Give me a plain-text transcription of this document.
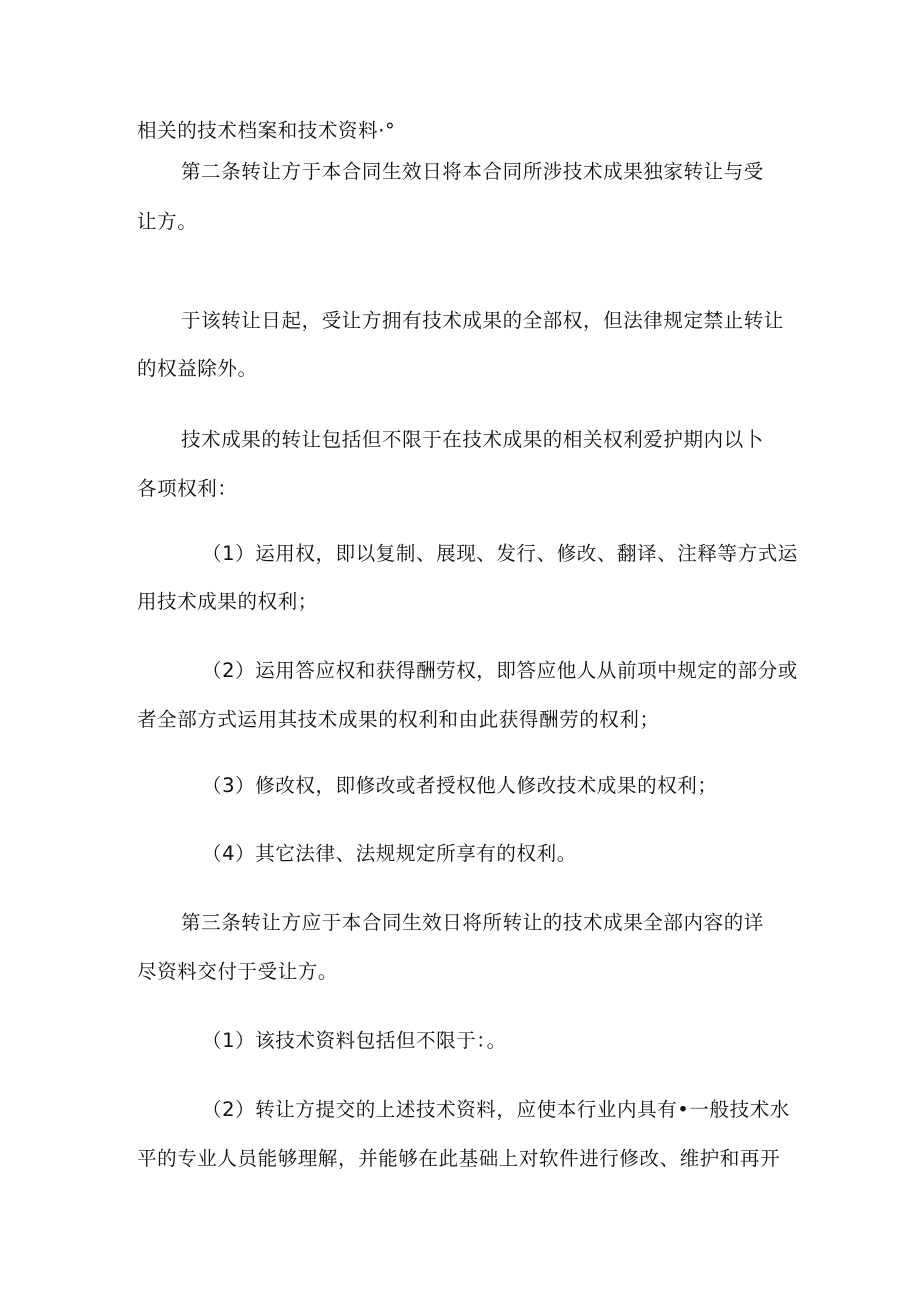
相关的技术档案和技术资料·°

第二条转让方于本合同生效日将本合同所涉技术成果独家转让与受

让方。

于该转让日起，受让方拥有技术成果的全部权，但法律规定禁止转让

的权益除外。

技术成果的转让包括但不限于在技术成果的相关权利爱护期内以卜

各项权利：

（1）运用权，即以复制、展现、发行、修改、翻译、注释等方式运

用技术成果的权利；

（2）运用答应权和获得酬劳权，即答应他人从前项中规定的部分或

者全部方式运用其技术成果的权利和由此获得酬劳的权利；

（3）修改权，即修改或者授权他人修改技术成果的权利；

（4）其它法律、法规规定所享有的权利。

第三条转让方应于本合同生效日将所转让的技术成果全部内容的详

尽资料交付于受让方。

（1）该技术资料包括但不限于：。

（2）转让方提交的上述技术资料，应使本行业内具有•一般技术水

平的专业人员能够理解，并能够在此基础上对软件进行修改、维护和再开
